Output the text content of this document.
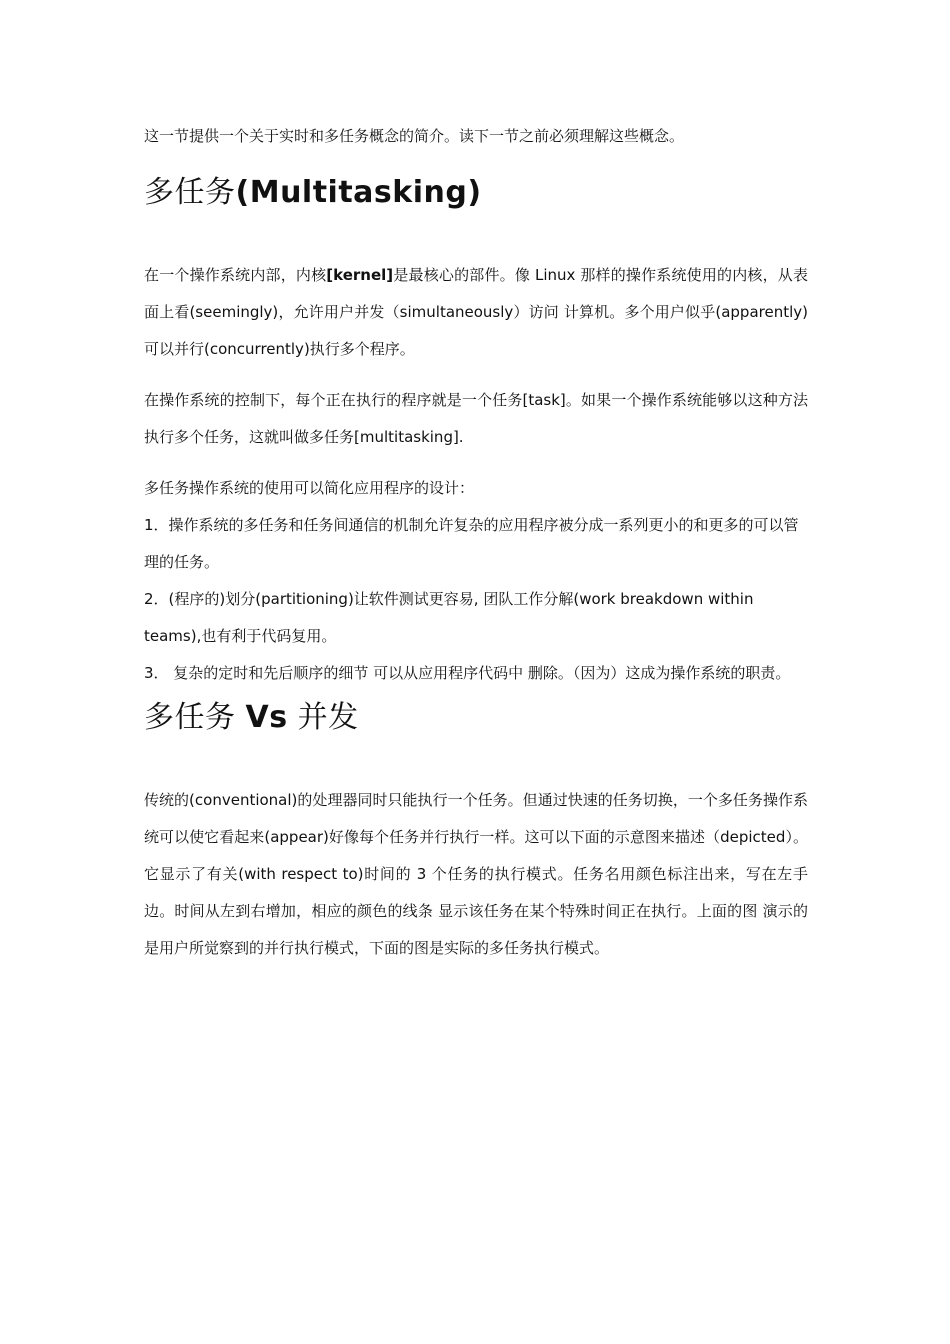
这一节提供一个关于实时和多任务概念的简介。读下一节之前必须理解这些概念。

多任务(Multitasking)

在一个操作系统内部，内核[kernel]是最核心的部件。像 Linux 那样的操作系统使用的内核，从表面上看(seemingly)，允许用户并发（simultaneously）访问 计算机。多个用户似乎(apparently)可以并行(concurrently)执行多个程序。

在操作系统的控制下，每个正在执行的程序就是一个任务[task]。如果一个操作系统能够以这种方法执行多个任务，这就叫做多任务[multitasking].

多任务操作系统的使用可以简化应用程序的设计：

1．操作系统的多任务和任务间通信的机制允许复杂的应用程序被分成一系列更小的和更多的可以管理的任务。

2．(程序的)划分(partitioning)让软件测试更容易, 团队工作分解(work breakdown within teams),也有利于代码复用。

3． 复杂的定时和先后顺序的细节 可以从应用程序代码中 删除。（因为）这成为操作系统的职责。

多任务 Vs 并发

传统的(conventional)的处理器同时只能执行一个任务。但通过快速的任务切换，一个多任务操作系统可以使它看起来(appear)好像每个任务并行执行一样。这可以下面的示意图来描述（depicted）。它显示了有关(with respect to)时间的 3 个任务的执行模式。任务名用颜色标注出来，写在左手边。时间从左到右增加，相应的颜色的线条 显示该任务在某个特殊时间正在执行。上面的图 演示的是用户所觉察到的并行执行模式，下面的图是实际的多任务执行模式。
